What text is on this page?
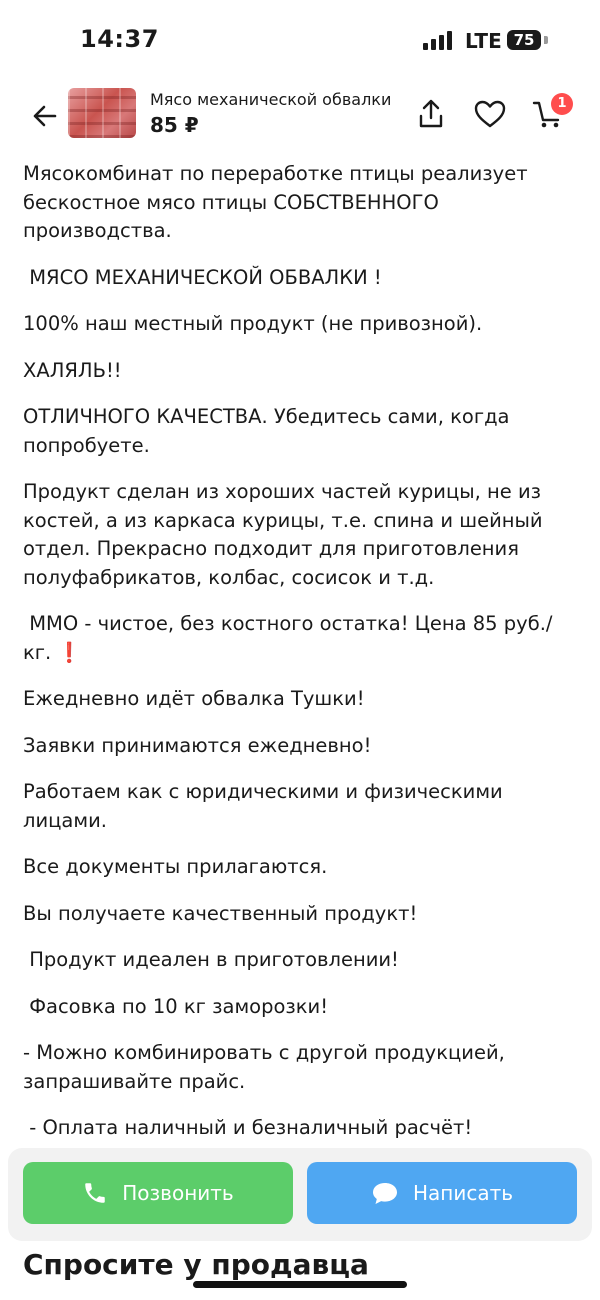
14:37	LTE 75
Мясо механической обвалки
85 ₽
1

Мясокомбинат по переработке птицы реализует бескостное мясо птицы СОБСТВЕННОГО производства.

МЯСО МЕХАНИЧЕСКОЙ ОБВАЛКИ !

100% наш местный продукт (не привозной).

ХАЛЯЛЬ!!

ОТЛИЧНОГО КАЧЕСТВА. Убедитесь сами, когда попробуете.

Продукт сделан из хороших частей курицы, не из костей, а из каркаса курицы, т.е. спина и шейный отдел. Прекрасно подходит для приготовления полуфабрикатов, колбас, сосисок и т.д.

ММО - чистое, без костного остатка! Цена 85 руб./кг. ❗

Ежедневно идёт обвалка Тушки!

Заявки принимаются ежедневно!

Работаем как с юридическими и физическими лицами.

Все документы прилагаются.

Вы получаете качественный продукт!

Продукт идеален в приготовлении!

Фасовка по 10 кг заморозки!

- Можно комбинировать с другой продукцией, запрашивайте прайс.

- Оплата наличный и безналичный расчёт!

Позвонить	Написать
Спросите у продавца
